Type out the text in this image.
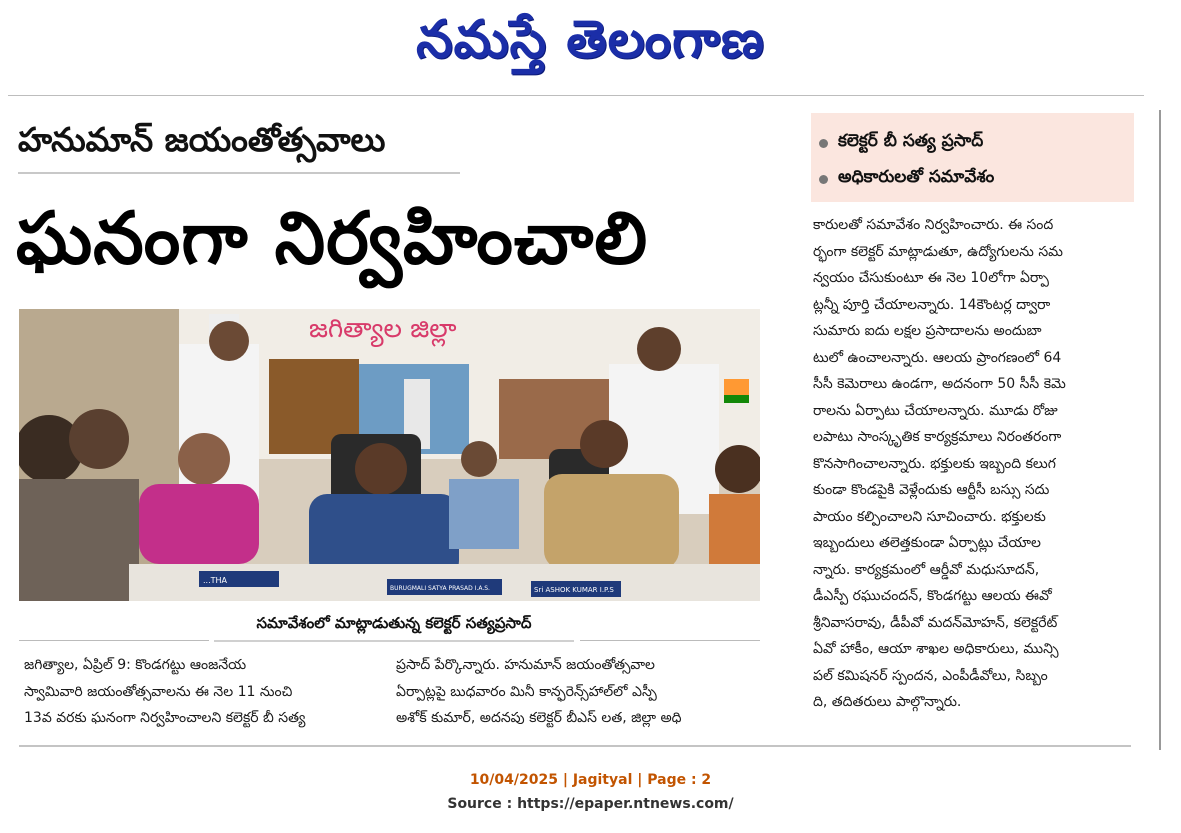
నమస్తే తెలంగాణ
హనుమాన్ జయంతోత్సవాలు
ఘనంగా నిర్వహించాలి
కలెక్టర్ బీ సత్య ప్రసాద్
అధికారులతో సమావేశం
జగిత్యాల జిల్లా
...THA
BURUGMALI SATYA PRASAD I.A.S.	Sri ASHOK KUMAR I.P.S
సమావేశంలో మాట్లాడుతున్న కలెక్టర్ సత్యప్రసాద్
జగిత్యాల, ఏప్రిల్ 9: కొండగట్టు ఆంజనేయ
స్వామివారి జయంతోత్సవాలను ఈ నెల 11 నుంచి
13వ వరకు ఘనంగా నిర్వహించాలని కలెక్టర్ బీ సత్య
ప్రసాద్ పేర్కొన్నారు. హనుమాన్ జయంతోత్సవాల
ఏర్పాట్లపై బుధవారం మినీ కాన్ఫరెన్స్‌హాల్‌లో ఎస్పీ
అశోక్ కుమార్, అదనపు కలెక్టర్ బీఎస్ లత, జిల్లా అధి
కారులతో సమావేశం నిర్వహించారు. ఈ సంద
ర్భంగా కలెక్టర్ మాట్లాడుతూ, ఉద్యోగులను సమ
న్వయం చేసుకుంటూ ఈ నెల 10లోగా ఏర్పా
ట్లన్నీ పూర్తి చేయాలన్నారు. 14కౌంటర్ల ద్వారా
సుమారు ఐదు లక్షల ప్రసాదాలను అందుబా
టులో ఉంచాలన్నారు. ఆలయ ప్రాంగణంలో 64
సీసీ కెమెరాలు ఉండగా, అదనంగా 50 సీసీ కెమె
రాలను ఏర్పాటు చేయాలన్నారు. మూడు రోజు
లపాటు సాంస్కృతిక కార్యక్రమాలు నిరంతరంగా
కొనసాగించాలన్నారు. భక్తులకు ఇబ్బంది కలుగ
కుండా కొండపైకి వెళ్లేందుకు ఆర్టీసీ బస్సు సదు
పాయం కల్పించాలని సూచించారు. భక్తులకు
ఇబ్బందులు తలెత్తకుండా ఏర్పాట్లు చేయాల
న్నారు. కార్యక్రమంలో ఆర్డీవో మధుసూదన్,
డీఎస్పీ రఘుచందన్, కొండగట్టు ఆలయ ఈవో
శ్రీనివాసరావు, డీపీవో మదన్‌మోహన్, కలెక్టరేట్
ఏవో హాకీం, ఆయా శాఖల అధికారులు, మున్సి
పల్ కమిషనర్ స్పందన, ఎంపీడీవోలు, సిబ్బం
ది, తదితరులు పాల్గొన్నారు.
10/04/2025 | Jagityal | Page : 2
Source : https://epaper.ntnews.com/
